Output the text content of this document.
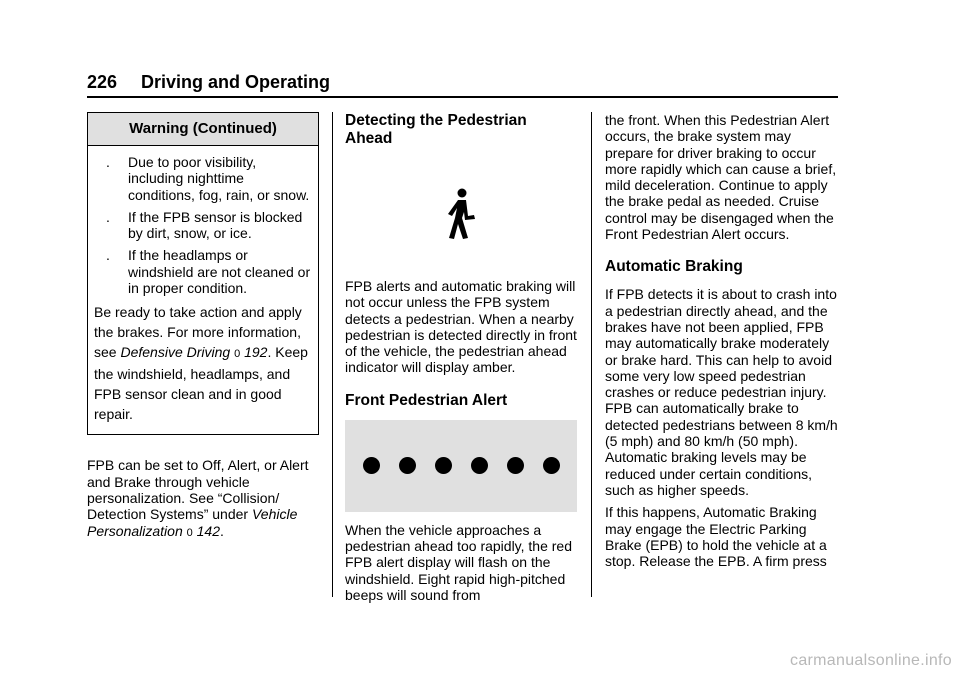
226 Driving and Operating
Warning (Continued)
. Due to poor visibility, including nighttime conditions, fog, rain, or snow.
. If the FPB sensor is blocked by dirt, snow, or ice.
. If the headlamps or windshield are not cleaned or in proper condition.

Be ready to take action and apply the brakes. For more information, see Defensive Driving 0 192. Keep the windshield, headlamps, and FPB sensor clean and in good repair.

FPB can be set to Off, Alert, or Alert and Brake through vehicle personalization. See “Collision/ Detection Systems” under Vehicle Personalization 0 142.

Detecting the Pedestrian Ahead

FPB alerts and automatic braking will not occur unless the FPB system detects a pedestrian. When a nearby pedestrian is detected directly in front of the vehicle, the pedestrian ahead indicator will display amber.

Front Pedestrian Alert

When the vehicle approaches a pedestrian ahead too rapidly, the red FPB alert display will flash on the windshield. Eight rapid high-pitched beeps will sound from

the front. When this Pedestrian Alert occurs, the brake system may prepare for driver braking to occur more rapidly which can cause a brief, mild deceleration. Continue to apply the brake pedal as needed. Cruise control may be disengaged when the Front Pedestrian Alert occurs.

Automatic Braking

If FPB detects it is about to crash into a pedestrian directly ahead, and the brakes have not been applied, FPB may automatically brake moderately or brake hard. This can help to avoid some very low speed pedestrian crashes or reduce pedestrian injury. FPB can automatically brake to detected pedestrians between 8 km/h (5 mph) and 80 km/h (50 mph). Automatic braking levels may be reduced under certain conditions, such as higher speeds.

If this happens, Automatic Braking may engage the Electric Parking Brake (EPB) to hold the vehicle at a stop. Release the EPB. A firm press

carmanualsonline.info
